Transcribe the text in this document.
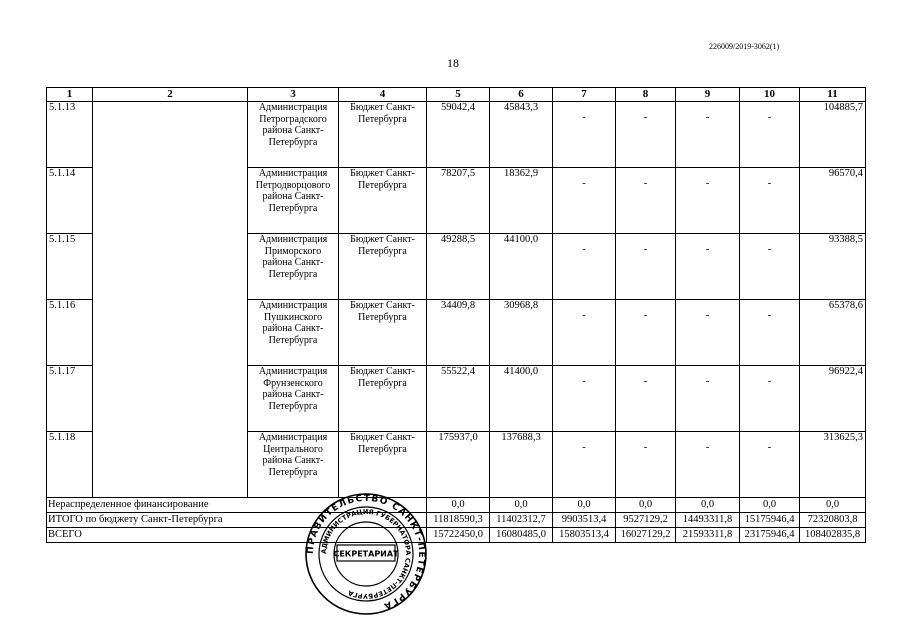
226009/2019-3062(1)
18
1	2	3	4	5	6	7	8	9	10	11
5.1.13		Администрация Петроградского района Санкт-Петербурга	Бюджет Санкт-Петербурга	59042,4	45843,3	-	-	-	-	104885,7
5.1.14		Администрация Петродворцового района Санкт-Петербурга	Бюджет Санкт-Петербурга	78207,5	18362,9	-	-	-	-	96570,4
5.1.15		Администрация Приморского района Санкт-Петербурга	Бюджет Санкт-Петербурга	49288,5	44100,0	-	-	-	-	93388,5
5.1.16		Администрация Пушкинского района Санкт-Петербурга	Бюджет Санкт-Петербурга	34409,8	30968,8	-	-	-	-	65378,6
5.1.17		Администрация Фрунзенского района Санкт-Петербурга	Бюджет Санкт-Петербурга	55522,4	41400,0	-	-	-	-	96922,4
5.1.18		Администрация Центрального района Санкт-Петербурга	Бюджет Санкт-Петербурга	175937,0	137688,3	-	-	-	-	313625,3
Нераспределенное финансирование				0,0	0,0	0,0	0,0	0,0	0,0	0,0
ИТОГО по бюджету Санкт-Петербурга				11818590,3	11402312,7	9903513,4	9527129,2	14493311,8	15175946,4	72320803,8
ВСЕГО				15722450,0	16080485,0	15803513,4	16027129,2	21593311,8	23175946,4	108402835,8
ПРАВИТЕЛЬСТВО САНКТ-ПЕТЕРБУРГА
АДМИНИСТРАЦИЯ ГУБЕРНАТОРА САНКТ-ПЕТЕРБУРГА
СЕКРЕТАРИАТ
